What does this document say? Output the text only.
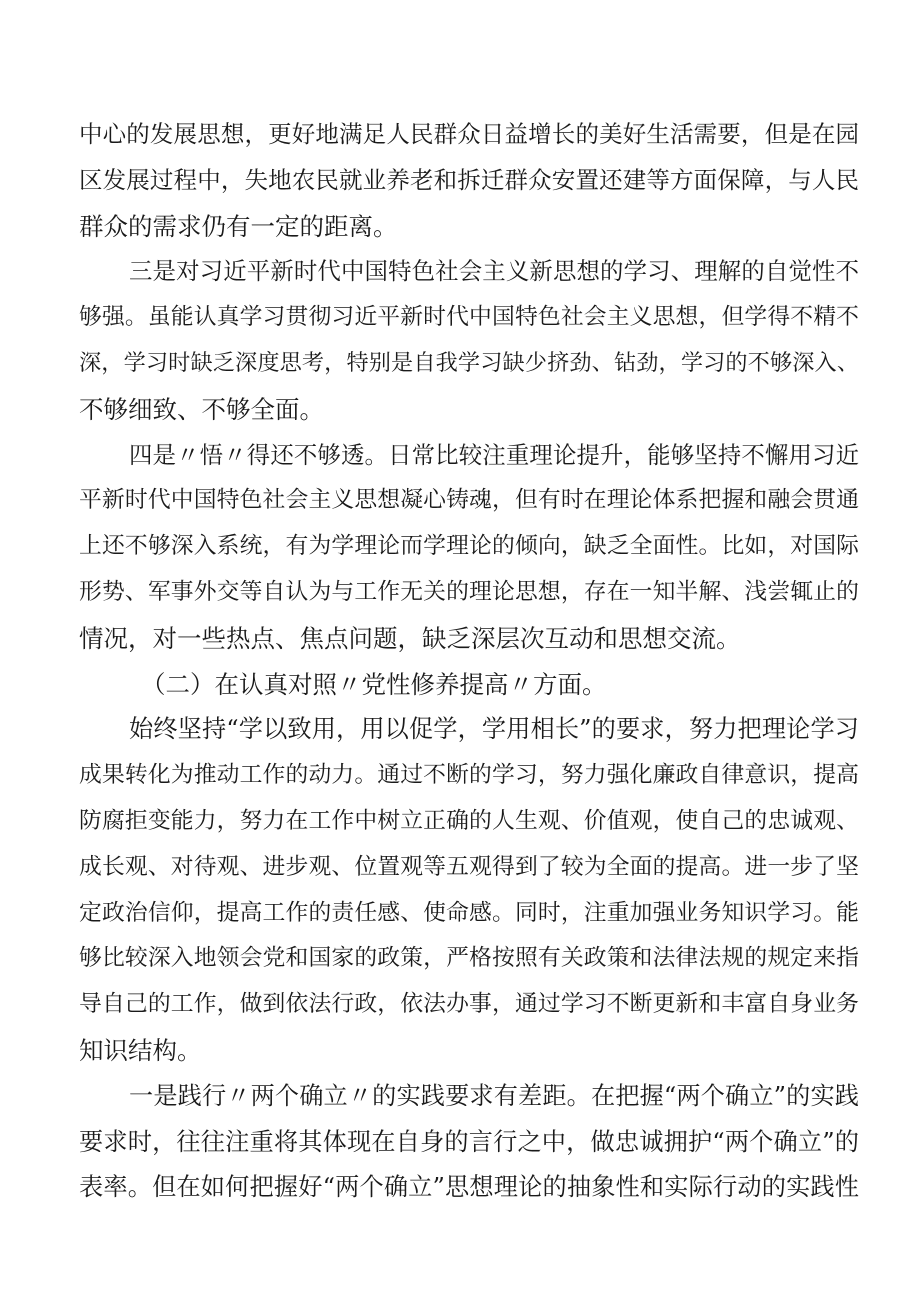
中心的发展思想，更好地满足人民群众日益增长的美好生活需要，但是在园
区发展过程中，失地农民就业养老和拆迁群众安置还建等方面保障，与人民
群众的需求仍有一定的距离。
三是对习近平新时代中国特色社会主义新思想的学习、理解的自觉性不
够强。虽能认真学习贯彻习近平新时代中国特色社会主义思想，但学得不精不
深，学习时缺乏深度思考，特别是自我学习缺少挤劲、钻劲，学习的不够深入、
不够细致、不够全面。
四是〃悟〃得还不够透。日常比较注重理论提升，能够坚持不懈用习近
平新时代中国特色社会主义思想凝心铸魂，但有时在理论体系把握和融会贯通
上还不够深入系统，有为学理论而学理论的倾向，缺乏全面性。比如，对国际
形势、军事外交等自认为与工作无关的理论思想，存在一知半解、浅尝辄止的
情况，对一些热点、焦点问题，缺乏深层次互动和思想交流。
（二）在认真对照〃党性修养提高〃方面。
始终坚持“学以致用，用以促学，学用相长”的要求，努力把理论学习
成果转化为推动工作的动力。通过不断的学习，努力强化廉政自律意识，提高
防腐拒变能力，努力在工作中树立正确的人生观、价值观，使自己的忠诚观、
成长观、对待观、进步观、位置观等五观得到了较为全面的提高。进一步了坚
定政治信仰，提高工作的责任感、使命感。同时，注重加强业务知识学习。能
够比较深入地领会党和国家的政策，严格按照有关政策和法律法规的规定来指
导自己的工作，做到依法行政，依法办事，通过学习不断更新和丰富自身业务
知识结构。
一是践行〃两个确立〃的实践要求有差距。在把握“两个确立”的实践
要求时，往往注重将其体现在自身的言行之中，做忠诚拥护“两个确立”的
表率。但在如何把握好“两个确立”思想理论的抽象性和实际行动的实践性
